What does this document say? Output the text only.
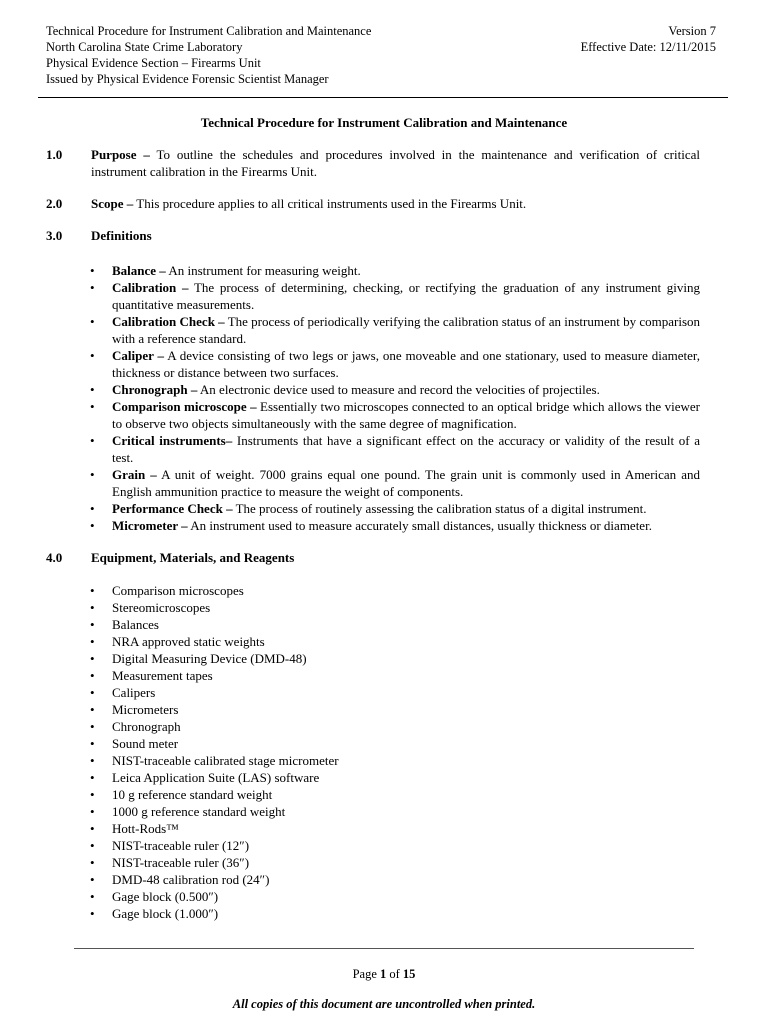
Technical Procedure for Instrument Calibration and Maintenance
North Carolina State Crime Laboratory
Physical Evidence Section – Firearms Unit
Issued by Physical Evidence Forensic Scientist Manager
Version 7
Effective Date: 12/11/2015
Technical Procedure for Instrument Calibration and Maintenance
1.0 Purpose – To outline the schedules and procedures involved in the maintenance and verification of critical instrument calibration in the Firearms Unit.
2.0 Scope – This procedure applies to all critical instruments used in the Firearms Unit.
3.0 Definitions
• Balance – An instrument for measuring weight.
• Calibration – The process of determining, checking, or rectifying the graduation of any instrument giving quantitative measurements.
• Calibration Check – The process of periodically verifying the calibration status of an instrument by comparison with a reference standard.
• Caliper – A device consisting of two legs or jaws, one moveable and one stationary, used to measure diameter, thickness or distance between two surfaces.
• Chronograph – An electronic device used to measure and record the velocities of projectiles.
• Comparison microscope – Essentially two microscopes connected to an optical bridge which allows the viewer to observe two objects simultaneously with the same degree of magnification.
• Critical instruments– Instruments that have a significant effect on the accuracy or validity of the result of a test.
• Grain – A unit of weight. 7000 grains equal one pound. The grain unit is commonly used in American and English ammunition practice to measure the weight of components.
• Performance Check – The process of routinely assessing the calibration status of a digital instrument.
• Micrometer – An instrument used to measure accurately small distances, usually thickness or diameter.
4.0 Equipment, Materials, and Reagents
• Comparison microscopes
• Stereomicroscopes
• Balances
• NRA approved static weights
• Digital Measuring Device (DMD-48)
• Measurement tapes
• Calipers
• Micrometers
• Chronograph
• Sound meter
• NIST-traceable calibrated stage micrometer
• Leica Application Suite (LAS) software
• 10 g reference standard weight
• 1000 g reference standard weight
• Hott-Rods™
• NIST-traceable ruler (12″)
• NIST-traceable ruler (36″)
• DMD-48 calibration rod (24″)
• Gage block (0.500″)
• Gage block (1.000″)
Page 1 of 15
All copies of this document are uncontrolled when printed.
